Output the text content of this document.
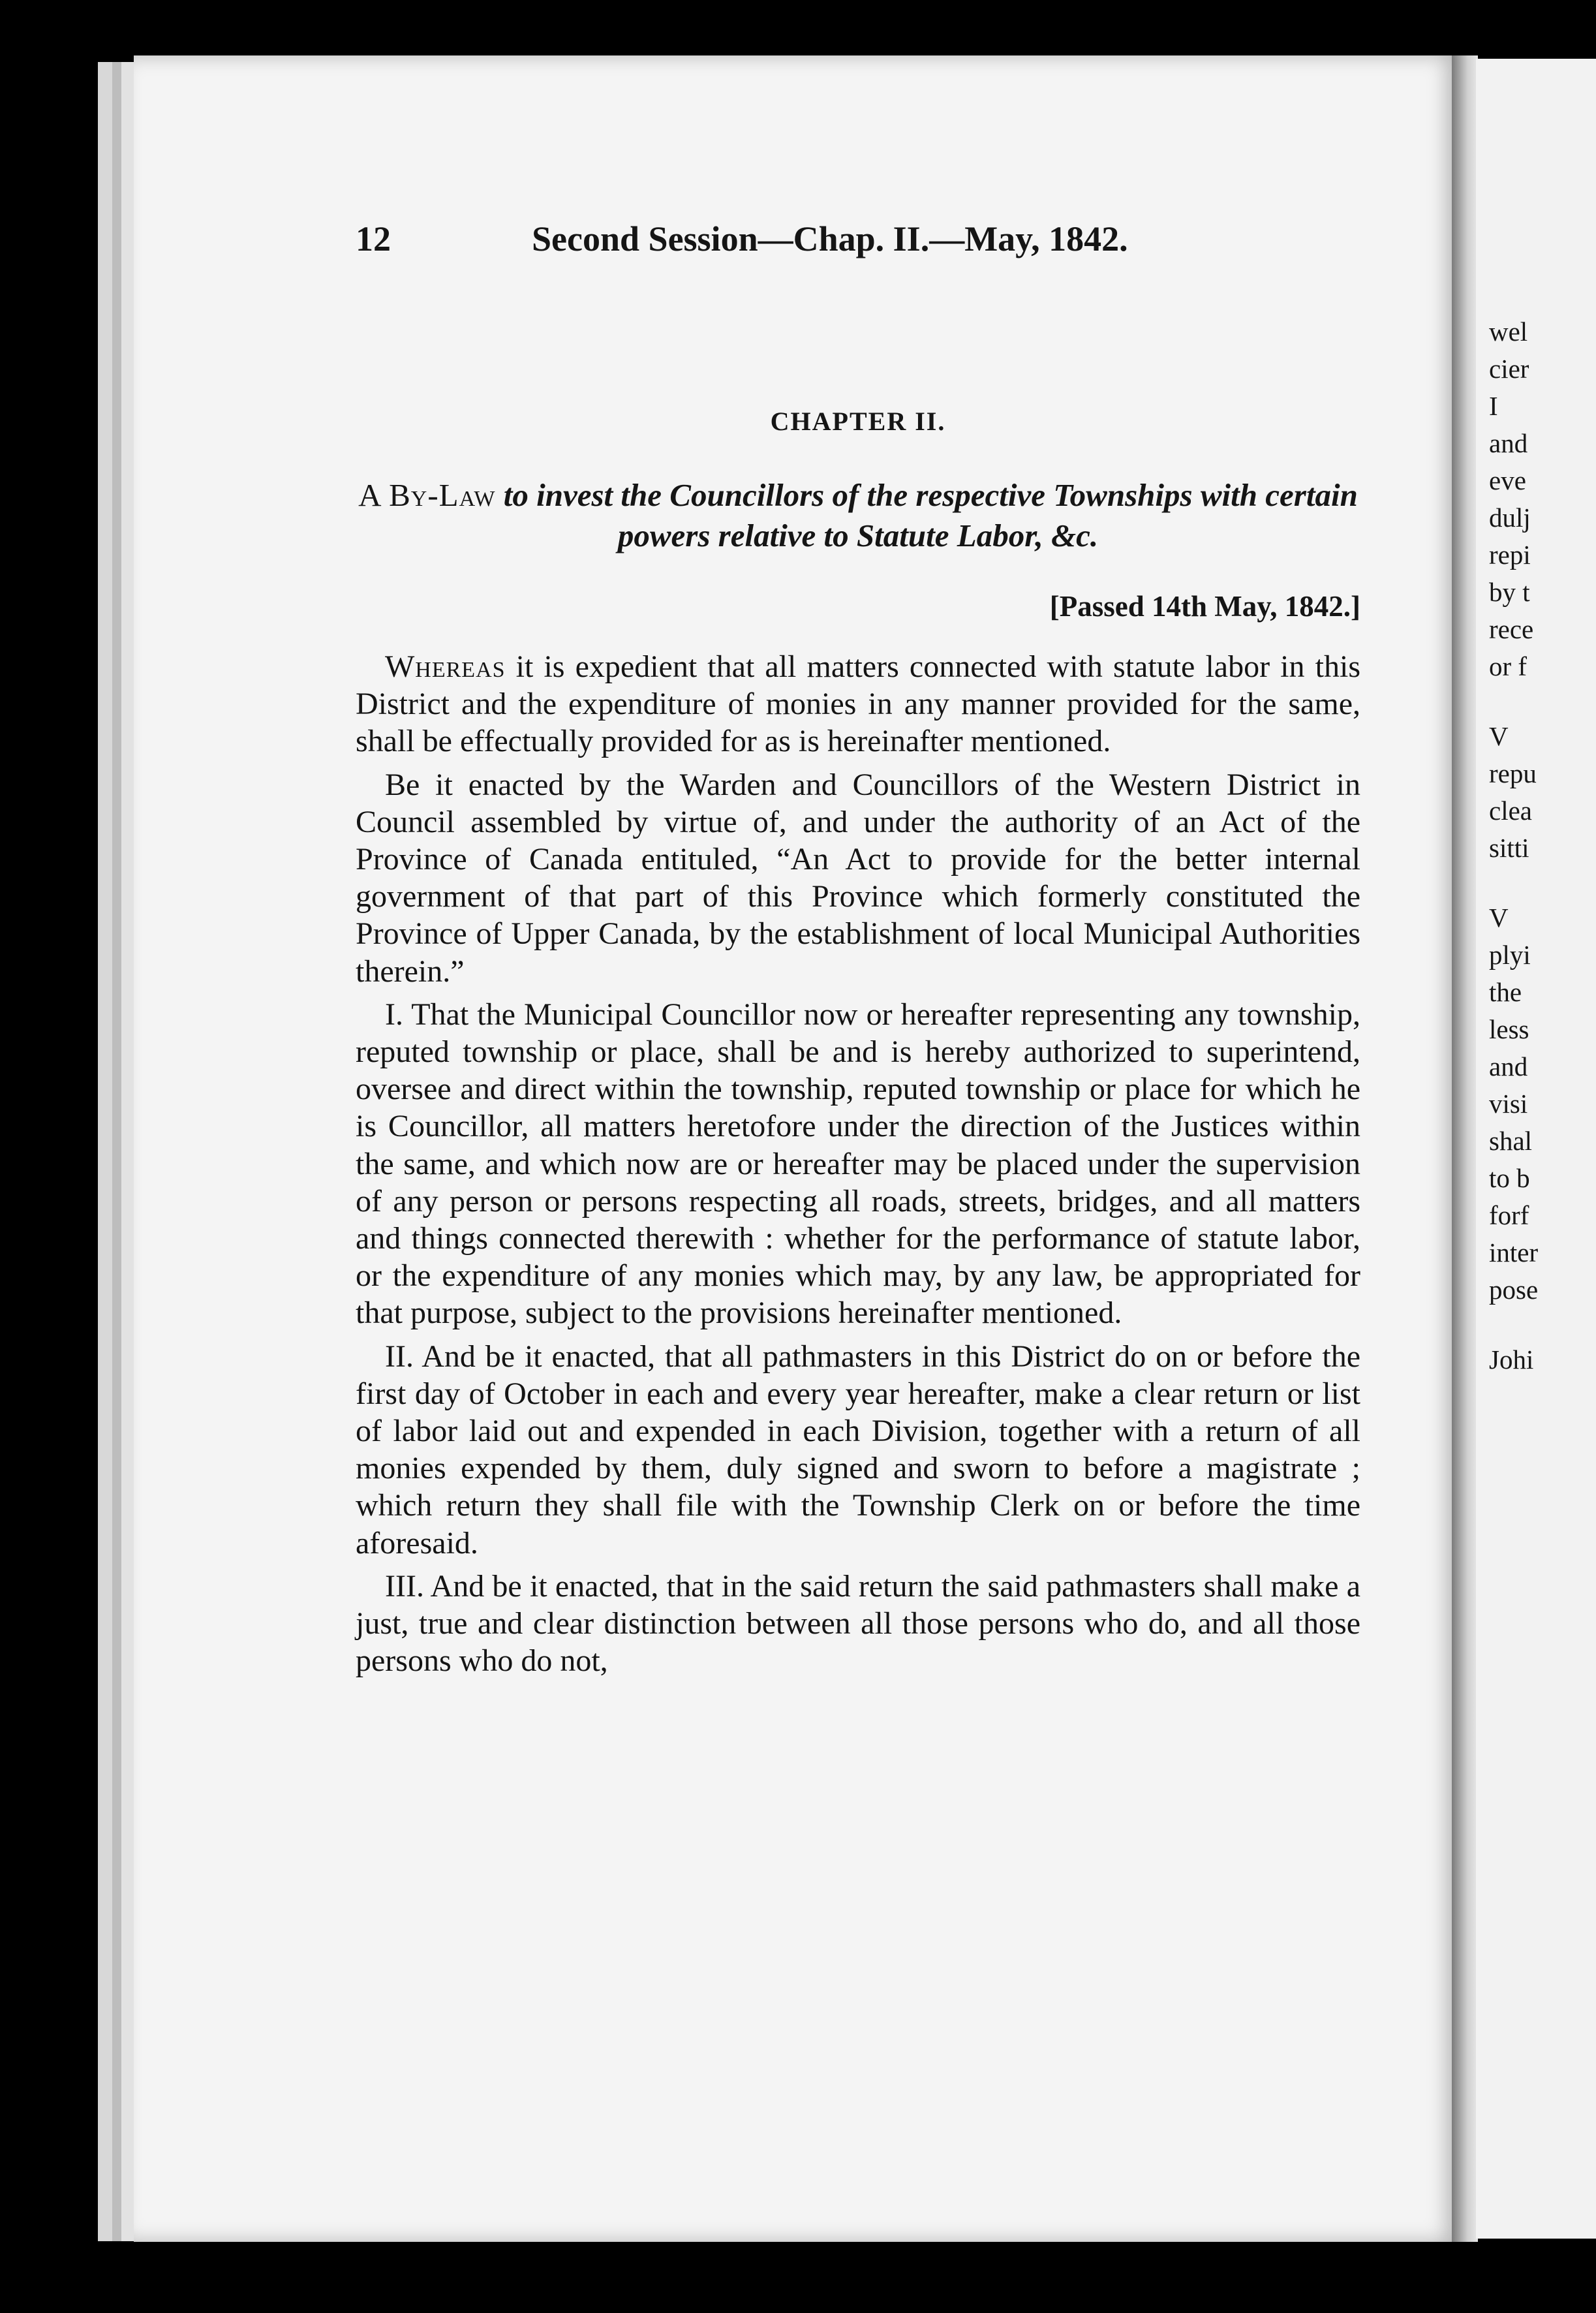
wel
cier
I
and
eve
dulj
repi
by t
rece
or f
V
repu
clea
sitti
V
plyi
the
less
and
visi
shal
to b
forf
inter
pose
Johi
12	Second Session—Chap. II.—May, 1842.
CHAPTER II.
A By-Law to invest the Councillors of the respective Townships with certain powers relative to Statute Labor, &c.
[Passed 14th May, 1842.]

Whereas it is expedient that all matters connected with statute labor in this District and the expenditure of monies in any manner provided for the same, shall be effectually provided for as is hereinafter mentioned.

Be it enacted by the Warden and Councillors of the Western District in Council assembled by virtue of, and under the authority of an Act of the Province of Canada entituled, “An Act to provide for the better internal government of that part of this Province which formerly constituted the Province of Upper Canada, by the establishment of local Municipal Authorities therein.”

I. That the Municipal Councillor now or hereafter representing any township, reputed township or place, shall be and is hereby authorized to superintend, oversee and direct within the township, reputed township or place for which he is Councillor, all matters heretofore under the direction of the Justices within the same, and which now are or hereafter may be placed under the supervision of any person or persons respecting all roads, streets, bridges, and all matters and things connected therewith : whether for the performance of statute labor, or the expenditure of any monies which may, by any law, be appropriated for that purpose, subject to the provisions hereinafter mentioned.

II. And be it enacted, that all pathmasters in this District do on or before the first day of October in each and every year hereafter, make a clear return or list of labor laid out and expended in each Division, together with a return of all monies expended by them, duly signed and sworn to before a magistrate ; which return they shall file with the Township Clerk on or before the time aforesaid.

III. And be it enacted, that in the said return the said pathmasters shall make a just, true and clear distinction between all those persons who do, and all those persons who do not,
